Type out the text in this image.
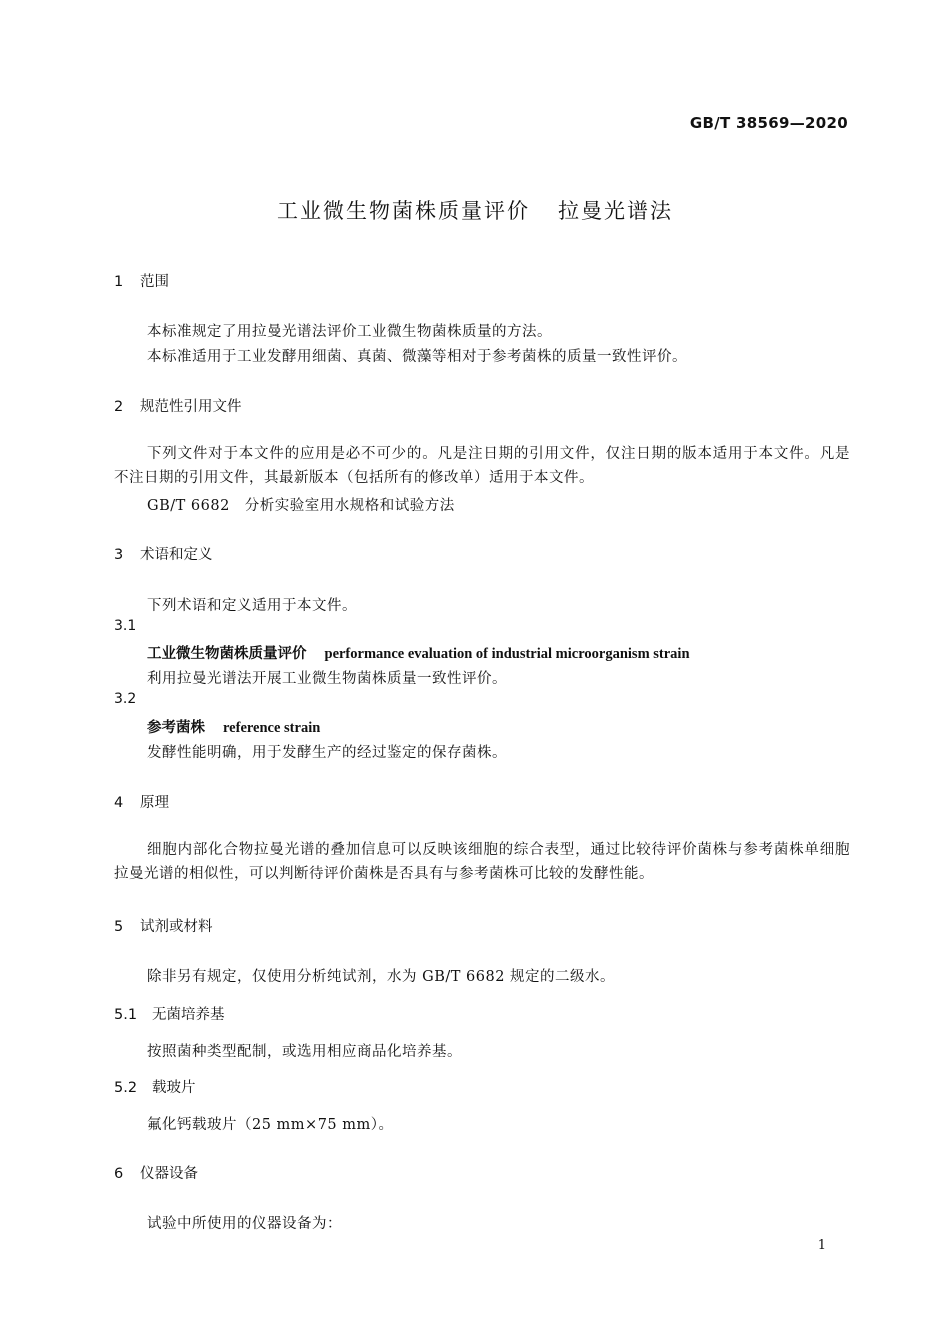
GB/T 38569—2020
工业微生物菌株质量评价 拉曼光谱法
1 范围
本标准规定了用拉曼光谱法评价工业微生物菌株质量的方法。
本标准适用于工业发酵用细菌、真菌、微藻等相对于参考菌株的质量一致性评价。
2 规范性引用文件
下列文件对于本文件的应用是必不可少的。凡是注日期的引用文件，仅注日期的版本适用于本文件。凡是不注日期的引用文件，其最新版本（包括所有的修改单）适用于本文件。
GB/T 6682　分析实验室用水规格和试验方法
3 术语和定义
下列术语和定义适用于本文件。
3.1
工业微生物菌株质量评价 performance evaluation of industrial microorganism strain
利用拉曼光谱法开展工业微生物菌株质量一致性评价。
3.2
参考菌株 reference strain
发酵性能明确，用于发酵生产的经过鉴定的保存菌株。
4 原理
细胞内部化合物拉曼光谱的叠加信息可以反映该细胞的综合表型，通过比较待评价菌株与参考菌株单细胞拉曼光谱的相似性，可以判断待评价菌株是否具有与参考菌株可比较的发酵性能。
5 试剂或材料
除非另有规定，仅使用分析纯试剂，水为 GB/T 6682 规定的二级水。
5.1 无菌培养基
按照菌种类型配制，或选用相应商品化培养基。
5.2 载玻片
氟化钙载玻片（25 mm×75 mm）。
6 仪器设备
试验中所使用的仪器设备为：
1
